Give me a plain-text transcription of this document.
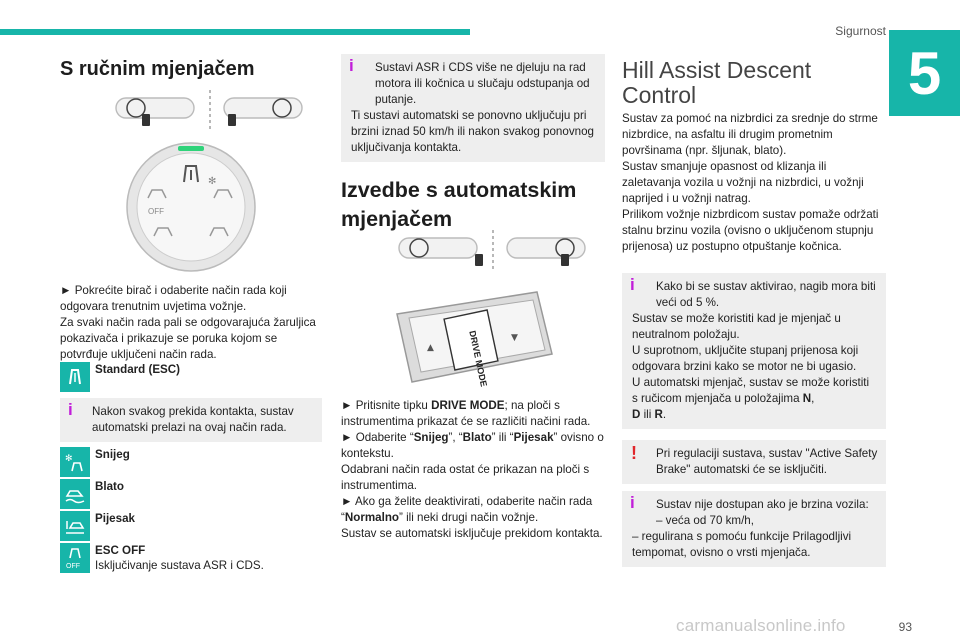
Sigurnost
5
S ručnim mjenjačem
OFF
✻

► Pokrećite birač i odaberite način rada koji odgovara trenutnim uvjetima vožnje.

Za svaki način rada pali se odgovarajuća žaruljica pokazivača i prikazuje se poruka kojom se potvrđuje uključeni način rada.

Standard (ESC)
i	Nakon svakog prekida kontakta, sustav automatski prelazi na ovaj način rada.
✻ Snijeg
Blato
Pijesak
OFF
ESC OFF
Isključivanje sustava ASR i CDS.
i	Sustavi ASR i CDS više ne djeluju na rad motora ili kočnica u slučaju odstupanja od putanje.
Ti sustavi automatski se ponovno uključuju pri brzini iznad 50 km/h ili nakon svakog ponovnog uključivanja kontakta.
Izvedbe s automatskim mjenjačem
DRIVE MODE
▲
▼

► Pritisnite tipku DRIVE MODE; na ploči s instrumentima prikazat će se različiti načini rada.

► Odaberite “Snijeg”, “Blato” ili “Pijesak” ovisno o kontekstu.

Odabrani način rada ostat će prikazan na ploči s instrumentima.

► Ako ga želite deaktivirati, odaberite način rada “Normalno” ili neki drugi način vožnje.

Sustav se automatski isključuje prekidom kontakta.

Hill Assist Descent Control

Sustav za pomoć na nizbrdici za srednje do strme nizbrdice, na asfaltu ili drugim prometnim površinama (npr. šljunak, blato).

Sustav smanjuje opasnost od klizanja ili zaletavanja vozila u vožnji na nizbrdici, u vožnji naprijed i u vožnji natrag.

Prilikom vožnje nizbrdicom sustav pomaže održati stalnu brzinu vozila (ovisno o uključenom stupnju prijenosa) uz postupno otpuštanje kočnica.

i	Kako bi se sustav aktivirao, nagib mora biti veći od 5 %.
Sustav se može koristiti kad je mjenjač u neutralnom položaju.
U suprotnom, uključite stupanj prijenosa koji odgovara brzini kako se motor ne bi ugasio.
U automatski mjenjač, sustav se može koristiti s ručicom mjenjača u položajima N,
D ili R.
!	Pri regulaciji sustava, sustav "Active Safety Brake" automatski će se isključiti.
i	Sustav nije dostupan ako je brzina vozila:
– veća od 70 km/h,
– regulirana s pomoću funkcije Prilagodljivi tempomat, ovisno o vrsti mjenjača.
carmanualsonline.info	93
